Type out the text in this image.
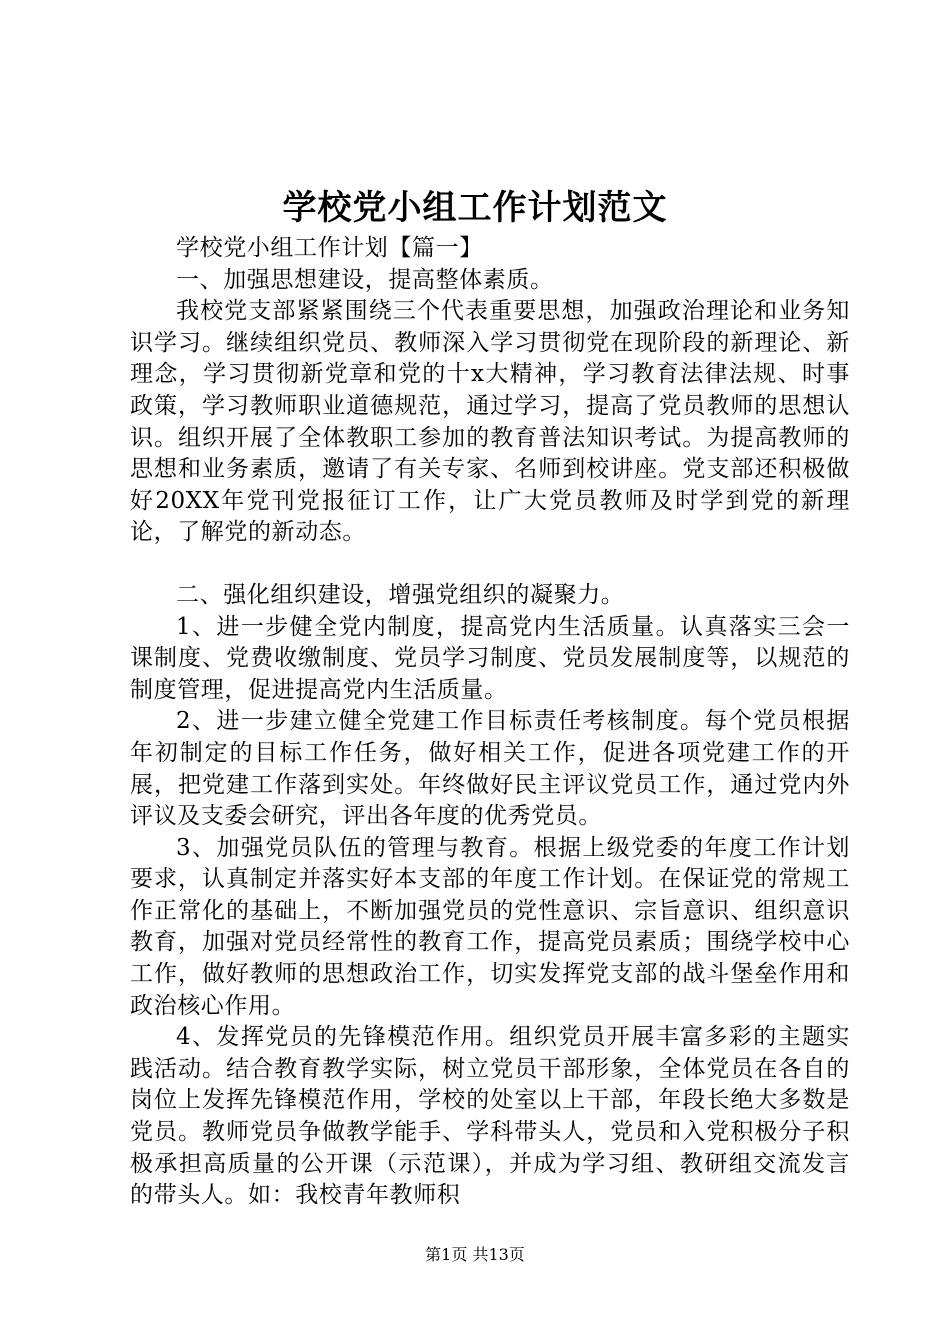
学校党小组工作计划范文

学校党小组工作计划【篇一】

一、加强思想建设，提高整体素质。

我校党支部紧紧围绕三个代表重要思想，加强政治理论和业务知识学习。继续组织党员、教师深入学习贯彻党在现阶段的新理论、新理念，学习贯彻新党章和党的十x大精神，学习教育法律法规、时事政策，学习教师职业道德规范，通过学习，提高了党员教师的思想认识。组织开展了全体教职工参加的教育普法知识考试。为提高教师的思想和业务素质，邀请了有关专家、名师到校讲座。党支部还积极做好20XX年党刊党报征订工作，让广大党员教师及时学到党的新理论，了解党的新动态。

二、强化组织建设，增强党组织的凝聚力。

1、进一步健全党内制度，提高党内生活质量。认真落实三会一课制度、党费收缴制度、党员学习制度、党员发展制度等，以规范的制度管理，促进提高党内生活质量。

2、进一步建立健全党建工作目标责任考核制度。每个党员根据年初制定的目标工作任务，做好相关工作，促进各项党建工作的开展，把党建工作落到实处。年终做好民主评议党员工作，通过党内外评议及支委会研究，评出各年度的优秀党员。

3、加强党员队伍的管理与教育。根据上级党委的年度工作计划要求，认真制定并落实好本支部的年度工作计划。在保证党的常规工作正常化的基础上，不断加强党员的党性意识、宗旨意识、组织意识教育，加强对党员经常性的教育工作，提高党员素质；围绕学校中心工作，做好教师的思想政治工作，切实发挥党支部的战斗堡垒作用和政治核心作用。

4、发挥党员的先锋模范作用。组织党员开展丰富多彩的主题实践活动。结合教育教学实际，树立党员干部形象，全体党员在各自的岗位上发挥先锋模范作用，学校的处室以上干部，年段长绝大多数是党员。教师党员争做教学能手、学科带头人，党员和入党积极分子积极承担高质量的公开课（示范课），并成为学习组、教研组交流发言的带头人。如：我校青年教师积

第1页 共13页
